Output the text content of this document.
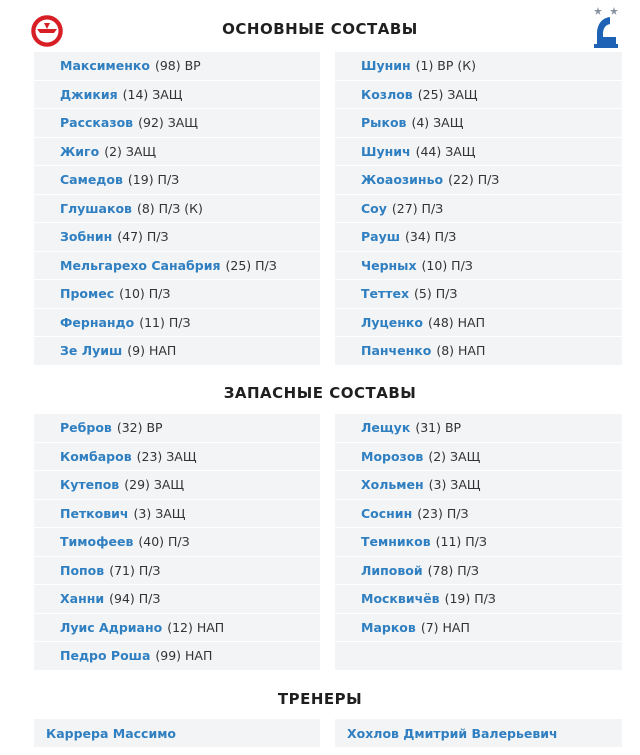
ОСНОВНЫЕ СОСТАВЫ
Максименко (98) ВР
Джикия (14) ЗАЩ
Рассказов (92) ЗАЩ
Жиго (2) ЗАЩ
Самедов (19) П/З
Глушаков (8) П/З (К)
Зобнин (47) П/З
Мельгарехо Санабрия (25) П/З
Промес (10) П/З
Фернандо (11) П/З
Зе Луиш (9) НАП
Шунин (1) ВР (К)
Козлов (25) ЗАЩ
Рыков (4) ЗАЩ
Шунич (44) ЗАЩ
Жоаозиньо (22) П/З
Соу (27) П/З
Рауш (34) П/З
Черных (10) П/З
Теттех (5) П/З
Луценко (48) НАП
Панченко (8) НАП
ЗАПАСНЫЕ СОСТАВЫ
Ребров (32) ВР
Комбаров (23) ЗАЩ
Кутепов (29) ЗАЩ
Петкович (3) ЗАЩ
Тимофеев (40) П/З
Попов (71) П/З
Ханни (94) П/З
Луис Адриано (12) НАП
Педро Роша (99) НАП
Лещук (31) ВР
Морозов (2) ЗАЩ
Хольмен (3) ЗАЩ
Соснин (23) П/З
Темников (11) П/З
Липовой (78) П/З
Москвичёв (19) П/З
Марков (7) НАП
ТРЕНЕРЫ
Каррера Массимо	Хохлов Дмитрий Валерьевич
